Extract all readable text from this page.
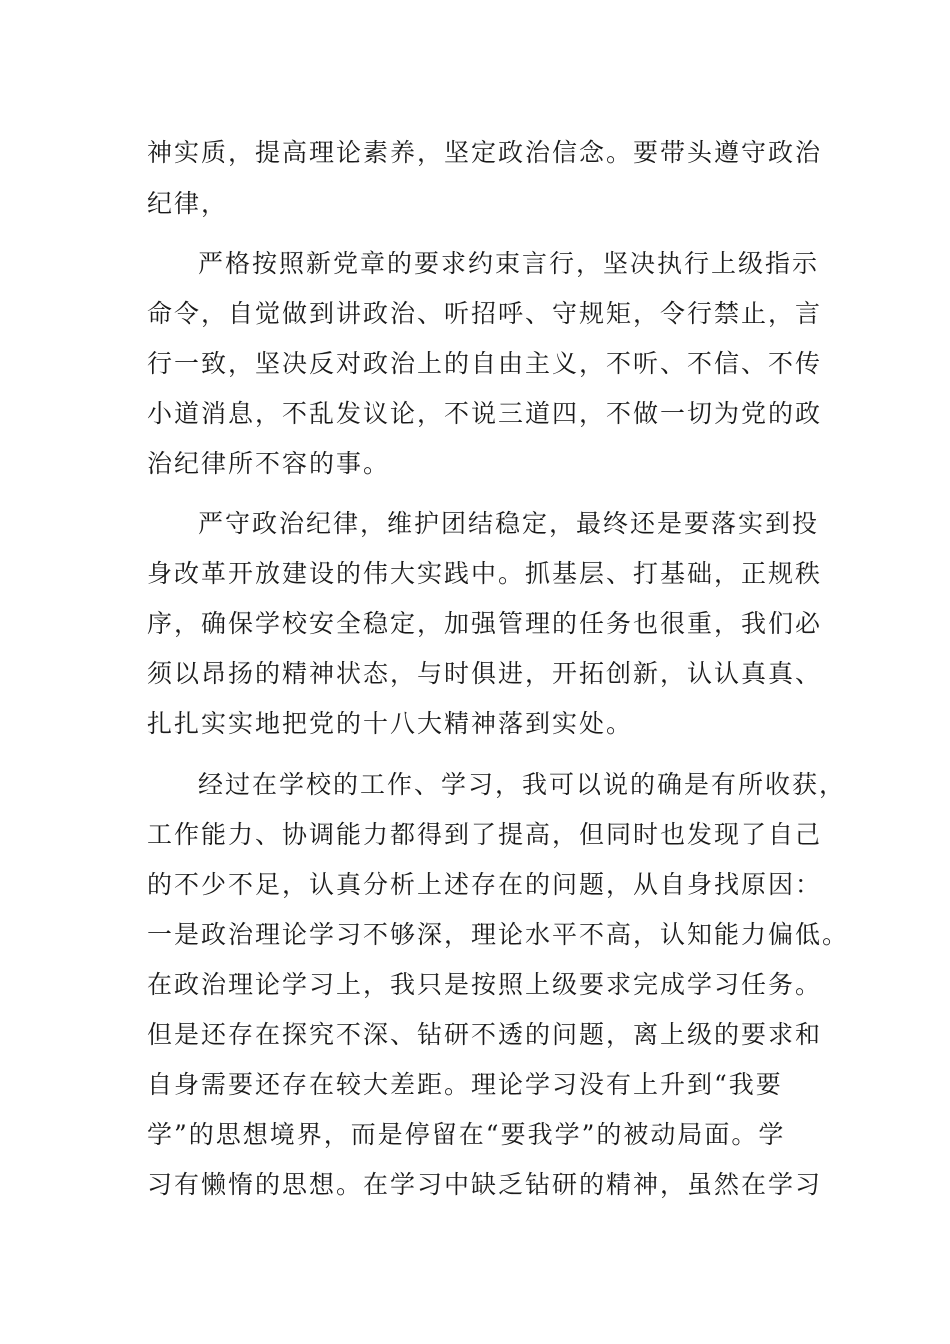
神实质，提高理论素养，坚定政治信念。要带头遵守政治

纪律，

严格按照新党章的要求约束言行，坚决执行上级指示

命令，自觉做到讲政治、听招呼、守规矩，令行禁止，言

行一致，坚决反对政治上的自由主义，不听、不信、不传

小道消息，不乱发议论，不说三道四，不做一切为党的政

治纪律所不容的事。

严守政治纪律，维护团结稳定，最终还是要落实到投

身改革开放建设的伟大实践中。抓基层、打基础，正规秩

序，确保学校安全稳定，加强管理的任务也很重，我们必

须以昂扬的精神状态，与时俱进，开拓创新，认认真真、

扎扎实实地把党的十八大精神落到实处。

经过在学校的工作、学习，我可以说的确是有所收获，

工作能力、协调能力都得到了提高，但同时也发现了自己

的不少不足，认真分析上述存在的问题，从自身找原因：

一是政治理论学习不够深，理论水平不高，认知能力偏低。

在政治理论学习上，我只是按照上级要求完成学习任务。

但是还存在探究不深、钻研不透的问题，离上级的要求和

自身需要还存在较大差距。理论学习没有上升到“我要

学”的思想境界，而是停留在“要我学”的被动局面。学

习有懒惰的思想。在学习中缺乏钻研的精神，虽然在学习
